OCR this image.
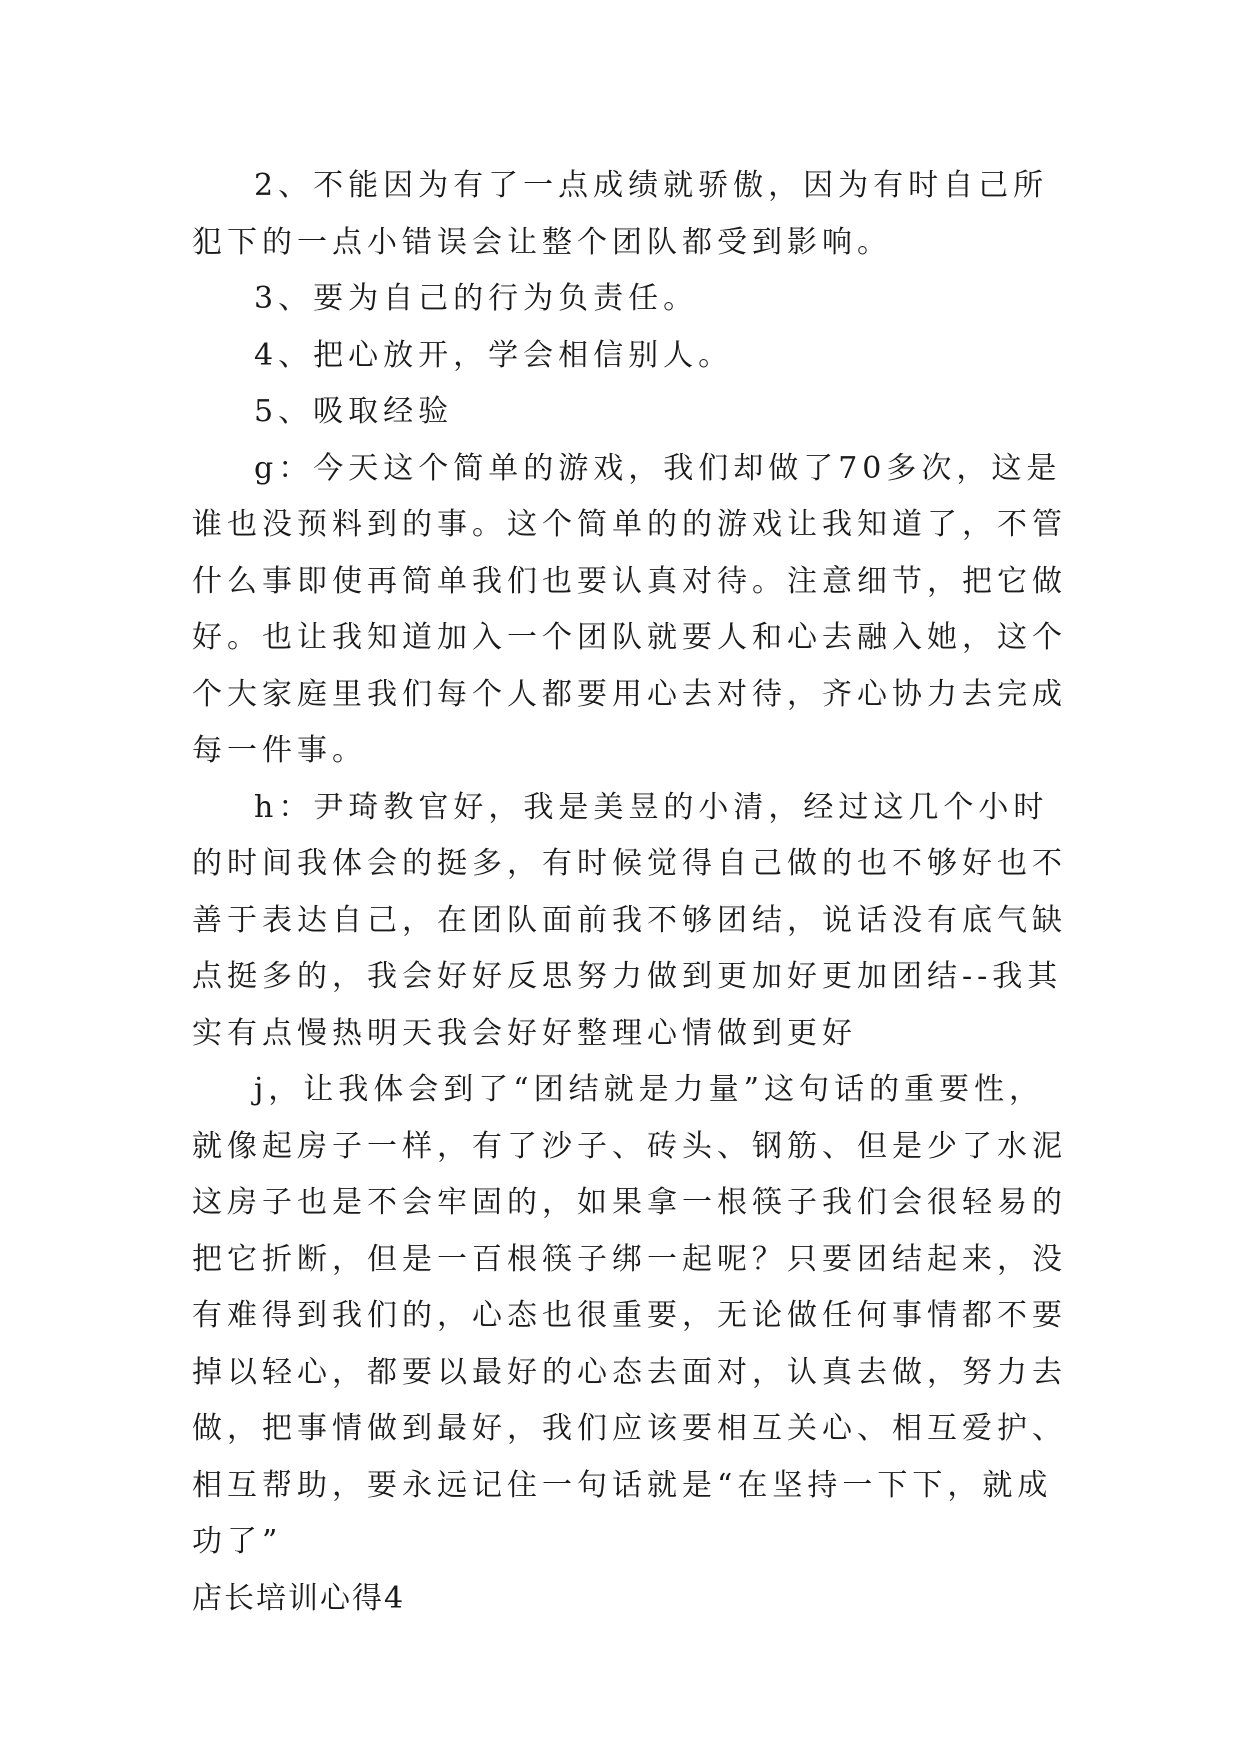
2、不能因为有了一点成绩就骄傲，因为有时自己所犯下的一点小错误会让整个团队都受到影响。

3、要为自己的行为负责任。

4、把心放开，学会相信别人。

5、吸取经验

g：今天这个简单的游戏，我们却做了70多次，这是谁也没预料到的事。这个简单的的游戏让我知道了，不管什么事即使再简单我们也要认真对待。注意细节，把它做好。也让我知道加入一个团队就要人和心去融入她，这个个大家庭里我们每个人都要用心去对待，齐心协力去完成每一件事。

h：尹琦教官好，我是美昱的小清，经过这几个小时的时间我体会的挺多，有时候觉得自己做的也不够好也不善于表达自己，在团队面前我不够团结，说话没有底气缺点挺多的，我会好好反思努力做到更加好更加团结--我其实有点慢热明天我会好好整理心情做到更好

j，让我体会到了“团结就是力量”这句话的重要性，就像起房子一样，有了沙子、砖头、钢筋、但是少了水泥这房子也是不会牢固的，如果拿一根筷子我们会很轻易的把它折断，但是一百根筷子绑一起呢？只要团结起来，没有难得到我们的，心态也很重要，无论做任何事情都不要掉以轻心，都要以最好的心态去面对，认真去做，努力去做，把事情做到最好，我们应该要相互关心、相互爱护、相互帮助，要永远记住一句话就是“在坚持一下下，就成功了”

店长培训心得4
